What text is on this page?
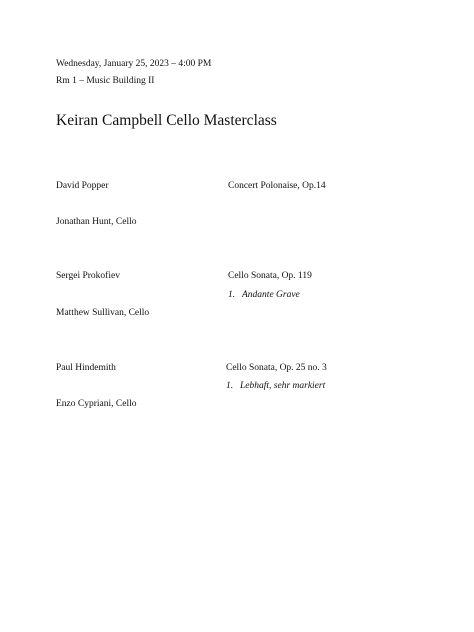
Wednesday, January 25, 2023 – 4:00 PM
Rm 1 – Music Building II
Keiran Campbell Cello Masterclass
David Popper	Concert Polonaise, Op.14
Jonathan Hunt, Cello
Sergei Prokofiev	Cello Sonata, Op. 119
1. Andante Grave
Matthew Sullivan, Cello
Paul Hindemith	Cello Sonata, Op. 25 no. 3
1. Lebhaft, sehr markiert
Enzo Cypriani, Cello
